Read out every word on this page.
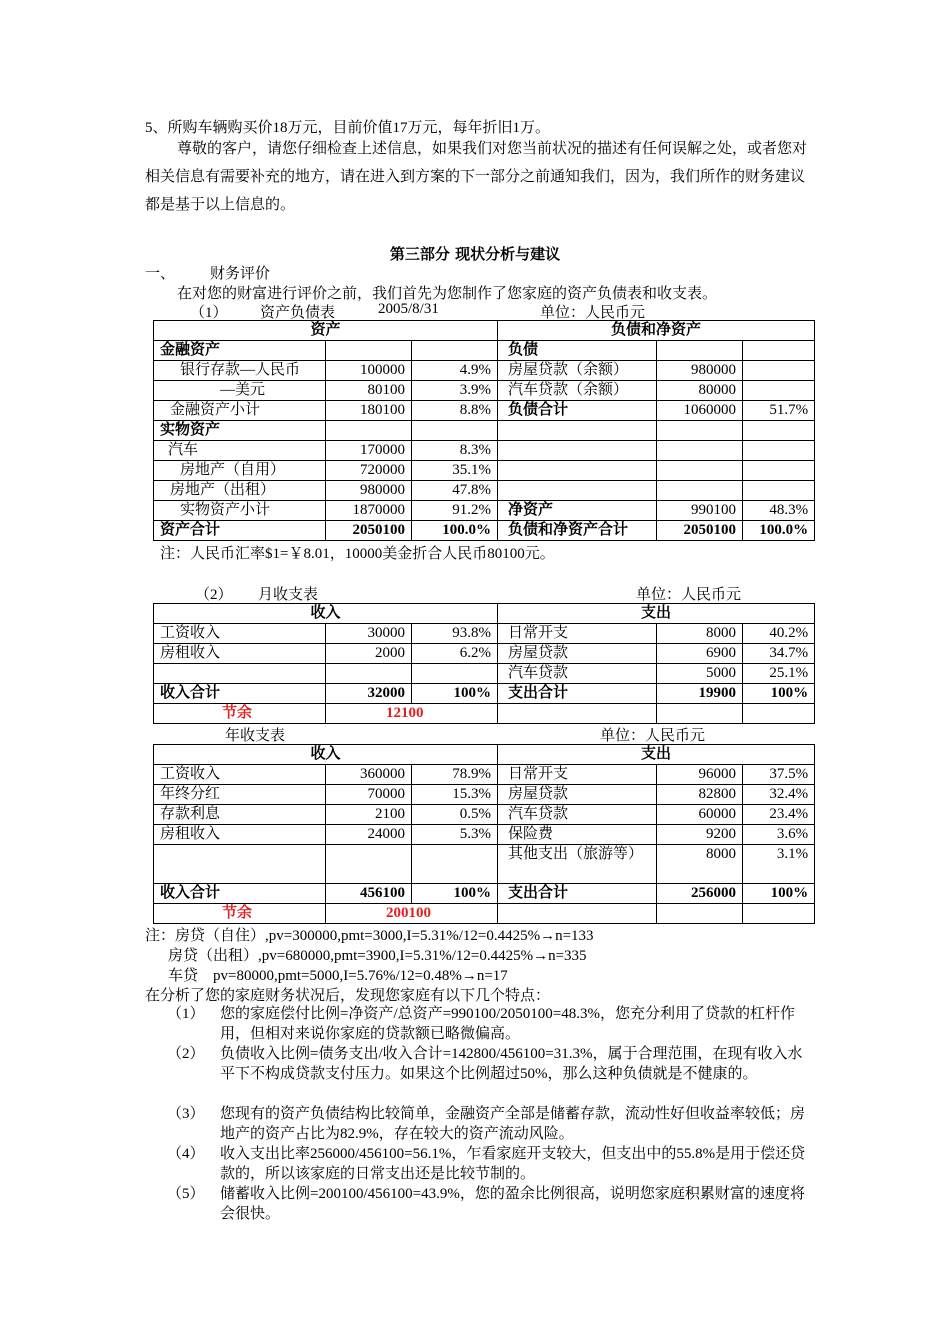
5、所购车辆购买价18万元，目前价值17万元，每年折旧1万。
尊敬的客户，请您仔细检查上述信息，如果我们对您当前状况的描述有任何误解之处，或者您对相关信息有需要补充的地方，请在进入到方案的下一部分之前通知我们，因为，我们所作的财务建议都是基于以上信息的。
第三部分 现状分析与建议
一、 财务评价
在对您的财富进行评价之前，我们首先为您制作了您家庭的资产负债表和收支表。
（1） 资产负债表	2005/8/31	单位：人民币元
资产			负债和净资产		
金融资产			负债		
银行存款—人民币	100000	4.9%	房屋贷款（余额）	980000	
—美元	80100	3.9%	汽车贷款（余额）	80000	
金融资产小计	180100	8.8%	负债合计	1060000	51.7%
实物资产					
汽车	170000	8.3%			
房地产（自用）	720000	35.1%			
房地产（出租）	980000	47.8%			
实物资产小计	1870000	91.2%	净资产	990100	48.3%
资产合计	2050100	100.0%	负债和净资产合计	2050100	100.0%
注：人民币汇率$1=￥8.01，10000美金折合人民币80100元。
（2） 月收支表	单位：人民币元
收入			支出		
工资收入	30000	93.8%	日常开支	8000	40.2%
房租收入	2000	6.2%	房屋贷款	6900	34.7%
			汽车贷款	5000	25.1%
收入合计	32000	100%	支出合计	19900	100%
节余	12100				
年收支表	单位：人民币元
收入			支出		
工资收入	360000	78.9%	日常开支	96000	37.5%
年终分红	70000	15.3%	房屋贷款	82800	32.4%
存款利息	2100	0.5%	汽车贷款	60000	23.4%
房租收入	24000	5.3%	保险费	9200	3.6%
			其他支出（旅游等）	8000	3.1%
收入合计	456100	100%	支出合计	256000	100%
节余	200100				
注：房贷（自住）,pv=300000,pmt=3000,I=5.31%/12=0.4425%→n=133
房贷（出租）,pv=680000,pmt=3900,I=5.31%/12=0.4425%→n=335
车贷    pv=80000,pmt=5000,I=5.76%/12=0.48%→n=17
在分析了您的家庭财务状况后，发现您家庭有以下几个特点：
（1） 您的家庭偿付比例=净资产/总资产=990100/2050100=48.3%，您充分利用了贷款的杠杆作用，但相对来说你家庭的贷款额已略微偏高。
（2） 负债收入比例=债务支出/收入合计=142800/456100=31.3%，属于合理范围，在现有收入水平下不构成贷款支付压力。如果这个比例超过50%，那么这种负债就是不健康的。
（3） 您现有的资产负债结构比较简单，金融资产全部是储蓄存款，流动性好但收益率较低；房地产的资产占比为82.9%，存在较大的资产流动风险。
（4） 收入支出比率256000/456100=56.1%，乍看家庭开支较大，但支出中的55.8%是用于偿还贷款的，所以该家庭的日常支出还是比较节制的。
（5） 储蓄收入比例=200100/456100=43.9%，您的盈余比例很高，说明您家庭积累财富的速度将会很快。
